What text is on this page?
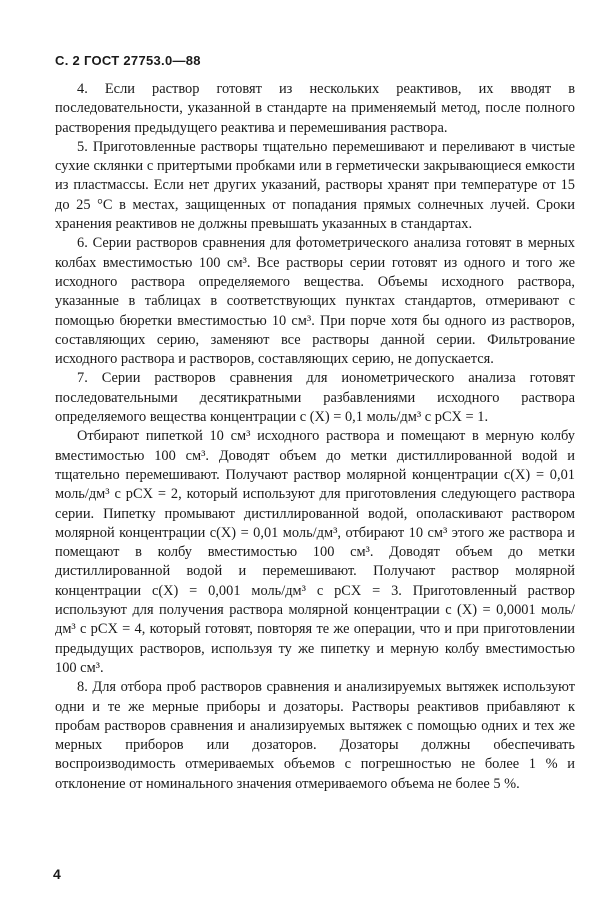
С. 2 ГОСТ 27753.0—88

4. Если раствор готовят из нескольких реактивов, их вводят в последовательности, указанной в стандарте на применяемый метод, после полного растворения предыдущего реактива и перемешивания раствора.

5. Приготовленные растворы тщательно перемешивают и переливают в чистые сухие склянки с притертыми пробками или в герметически закрывающиеся емкости из пластмассы. Если нет других указаний, растворы хранят при температуре от 15 до 25 °С в местах, защищенных от попадания прямых солнечных лучей. Сроки хранения реактивов не должны превышать указанных в стандартах.

6. Серии растворов сравнения для фотометрического анализа готовят в мерных колбах вместимостью 100 см³. Все растворы серии готовят из одного и того же исходного раствора определяемого вещества. Объемы исходного раствора, указанные в таблицах в соответствующих пунктах стандартов, отмеривают с помощью бюретки вместимостью 10 см³. При порче хотя бы одного из растворов, составляющих серию, заменяют все растворы данной серии. Фильтрование исходного раствора и растворов, составляющих серию, не допускается.

7. Серии растворов сравнения для ионометрического анализа готовят последовательными десятикратными разбавлениями исходного раствора определяемого вещества концентрации c (X) = 0,1 моль/дм³ с pCX = 1.

Отбирают пипеткой 10 см³ исходного раствора и помещают в мерную колбу вместимостью 100 см³. Доводят объем до метки дистиллированной водой и тщательно перемешивают. Получают раствор молярной концентрации c(X) = 0,01 моль/дм³ с pCX = 2, который используют для приготовления следующего раствора серии. Пипетку промывают дистиллированной водой, ополаскивают раствором молярной концентрации c(X) = 0,01 моль/дм³, отбирают 10 см³ этого же раствора и помещают в колбу вместимостью 100 см³. Доводят объем до метки дистиллированной водой и перемешивают. Получают раствор молярной концентрации c(X) = 0,001 моль/дм³ с pCX = 3. Приготовленный раствор используют для получения раствора молярной концентрации c (X) = 0,0001 моль/дм³ с pCX = 4, который готовят, повторяя те же операции, что и при приготовлении предыдущих растворов, используя ту же пипетку и мерную колбу вместимостью 100 см³.

8. Для отбора проб растворов сравнения и анализируемых вытяжек используют одни и те же мерные приборы и дозаторы. Растворы реактивов прибавляют к пробам растворов сравнения и анализируемых вытяжек с помощью одних и тех же мерных приборов или дозаторов. Дозаторы должны обеспечивать воспроизводимость отмериваемых объемов с погрешностью не более 1 % и отклонение от номинального значения отмериваемого объема не более 5 %.

4
